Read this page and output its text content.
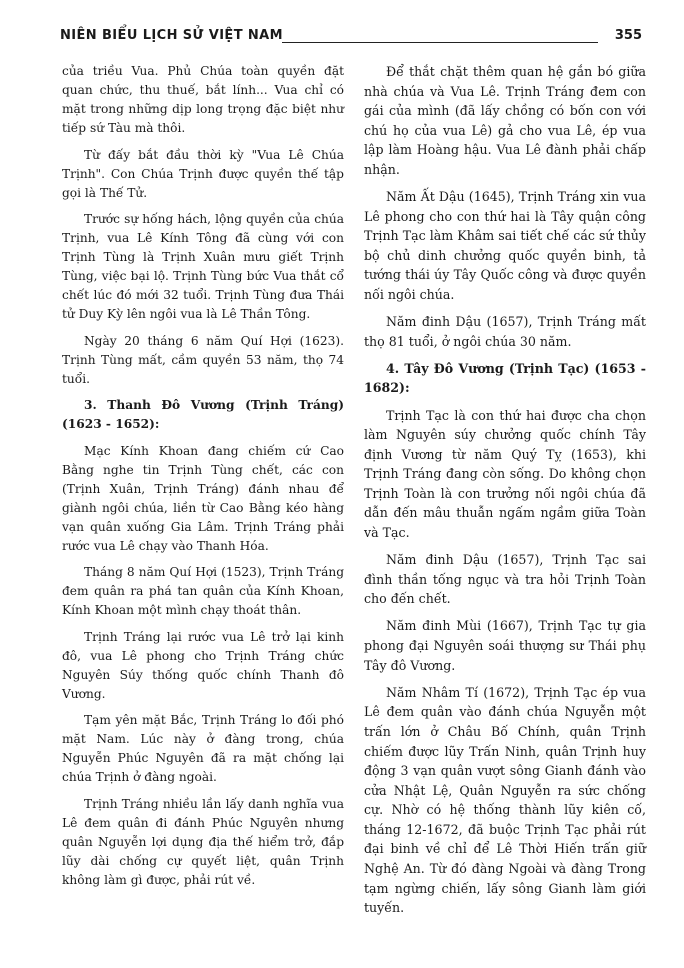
NIÊN BIỂU LỊCH SỬ VIỆT NAM	355

của triều Vua. Phủ Chúa toàn quyền đặt quan chức, thu thuế, bắt lính... Vua chỉ có mặt trong những dịp long trọng đặc biệt như tiếp sứ Tàu mà thôi.

Từ đấy bắt đầu thời kỳ "Vua Lê Chúa Trịnh". Con Chúa Trịnh được quyền thế tập gọi là Thế Tử.

Trước sự hống hách, lộng quyền của chúa Trịnh, vua Lê Kính Tông đã cùng với con Trịnh Tùng là Trịnh Xuân mưu giết Trịnh Tùng, việc bại lộ. Trịnh Tùng bức Vua thắt cổ chết lúc đó mới 32 tuổi. Trịnh Tùng đưa Thái tử Duy Kỳ lên ngôi vua là Lê Thần Tông.

Ngày 20 tháng 6 năm Quí Hợi (1623). Trịnh Tùng mất, cầm quyền 53 năm, thọ 74 tuổi.

3. Thanh Đô Vương (Trịnh Tráng) (1623 - 1652):

Mạc Kính Khoan đang chiếm cứ Cao Bằng nghe tin Trịnh Tùng chết, các con (Trịnh Xuân, Trịnh Tráng) đánh nhau để giành ngôi chúa, liền từ Cao Bằng kéo hàng vạn quân xuống Gia Lâm. Trịnh Tráng phải rước vua Lê chạy vào Thanh Hóa.

Tháng 8 năm Quí Hợi (1523), Trịnh Tráng đem quân ra phá tan quân của Kính Khoan, Kính Khoan một mình chạy thoát thân.

Trịnh Tráng lại rước vua Lê trở lại kinh đô, vua Lê phong cho Trịnh Tráng chức Nguyên Súy thống quốc chính Thanh đô Vương.

Tạm yên mặt Bắc, Trịnh Tráng lo đối phó mặt Nam. Lúc này ở đàng trong, chúa Nguyễn Phúc Nguyên đã ra mặt chống lại chúa Trịnh ở đàng ngoài.

Trịnh Tráng nhiều lần lấy danh nghĩa vua Lê đem quân đi đánh Phúc Nguyên nhưng quân Nguyễn lợi dụng địa thế hiểm trở, đắp lũy dài chống cự quyết liệt, quân Trịnh không làm gì được, phải rút về.

Để thắt chặt thêm quan hệ gắn bó giữa nhà chúa và Vua Lê. Trịnh Tráng đem con gái của mình (đã lấy chồng có bốn con với chú họ của vua Lê) gả cho vua Lê, ép vua lập làm Hoàng hậu. Vua Lê đành phải chấp nhận.

Năm Ất Dậu (1645), Trịnh Tráng xin vua Lê phong cho con thứ hai là Tây quận công Trịnh Tạc làm Khâm sai tiết chế các sứ thủy bộ chủ dinh chưởng quốc quyền binh, tả tướng thái úy Tây Quốc công và được quyền nối ngôi chúa.

Năm đinh Dậu (1657), Trịnh Tráng mất thọ 81 tuổi, ở ngôi chúa 30 năm.

4. Tây Đô Vương (Trịnh Tạc) (1653 - 1682):

Trịnh Tạc là con thứ hai được cha chọn làm Nguyên súy chưởng quốc chính Tây định Vương từ năm Quý Tỵ (1653), khi Trịnh Tráng đang còn sống. Do không chọn Trịnh Toàn là con trưởng nối ngôi chúa đã dẫn đến mâu thuẫn ngấm ngầm giữa Toàn và Tạc.

Năm đinh Dậu (1657), Trịnh Tạc sai đình thần tống ngục và tra hỏi Trịnh Toàn cho đến chết.

Năm đinh Mùi (1667), Trịnh Tạc tự gia phong đại Nguyên soái thượng sư Thái phụ Tây đô Vương.

Năm Nhâm Tí (1672), Trịnh Tạc ép vua Lê đem quân vào đánh chúa Nguyễn một trấn lớn ở Châu Bố Chính, quân Trịnh chiếm được lũy Trấn Ninh, quân Trịnh huy động 3 vạn quân vượt sông Gianh đánh vào cửa Nhật Lệ, Quân Nguyễn ra sức chống cự. Nhờ có hệ thống thành lũy kiên cố, tháng 12-1672, đã buộc Trịnh Tạc phải rút đại binh về chỉ để Lê Thời Hiến trấn giữ Nghệ An. Từ đó đàng Ngoài và đàng Trong tạm ngừng chiến, lấy sông Gianh làm giới tuyến.
